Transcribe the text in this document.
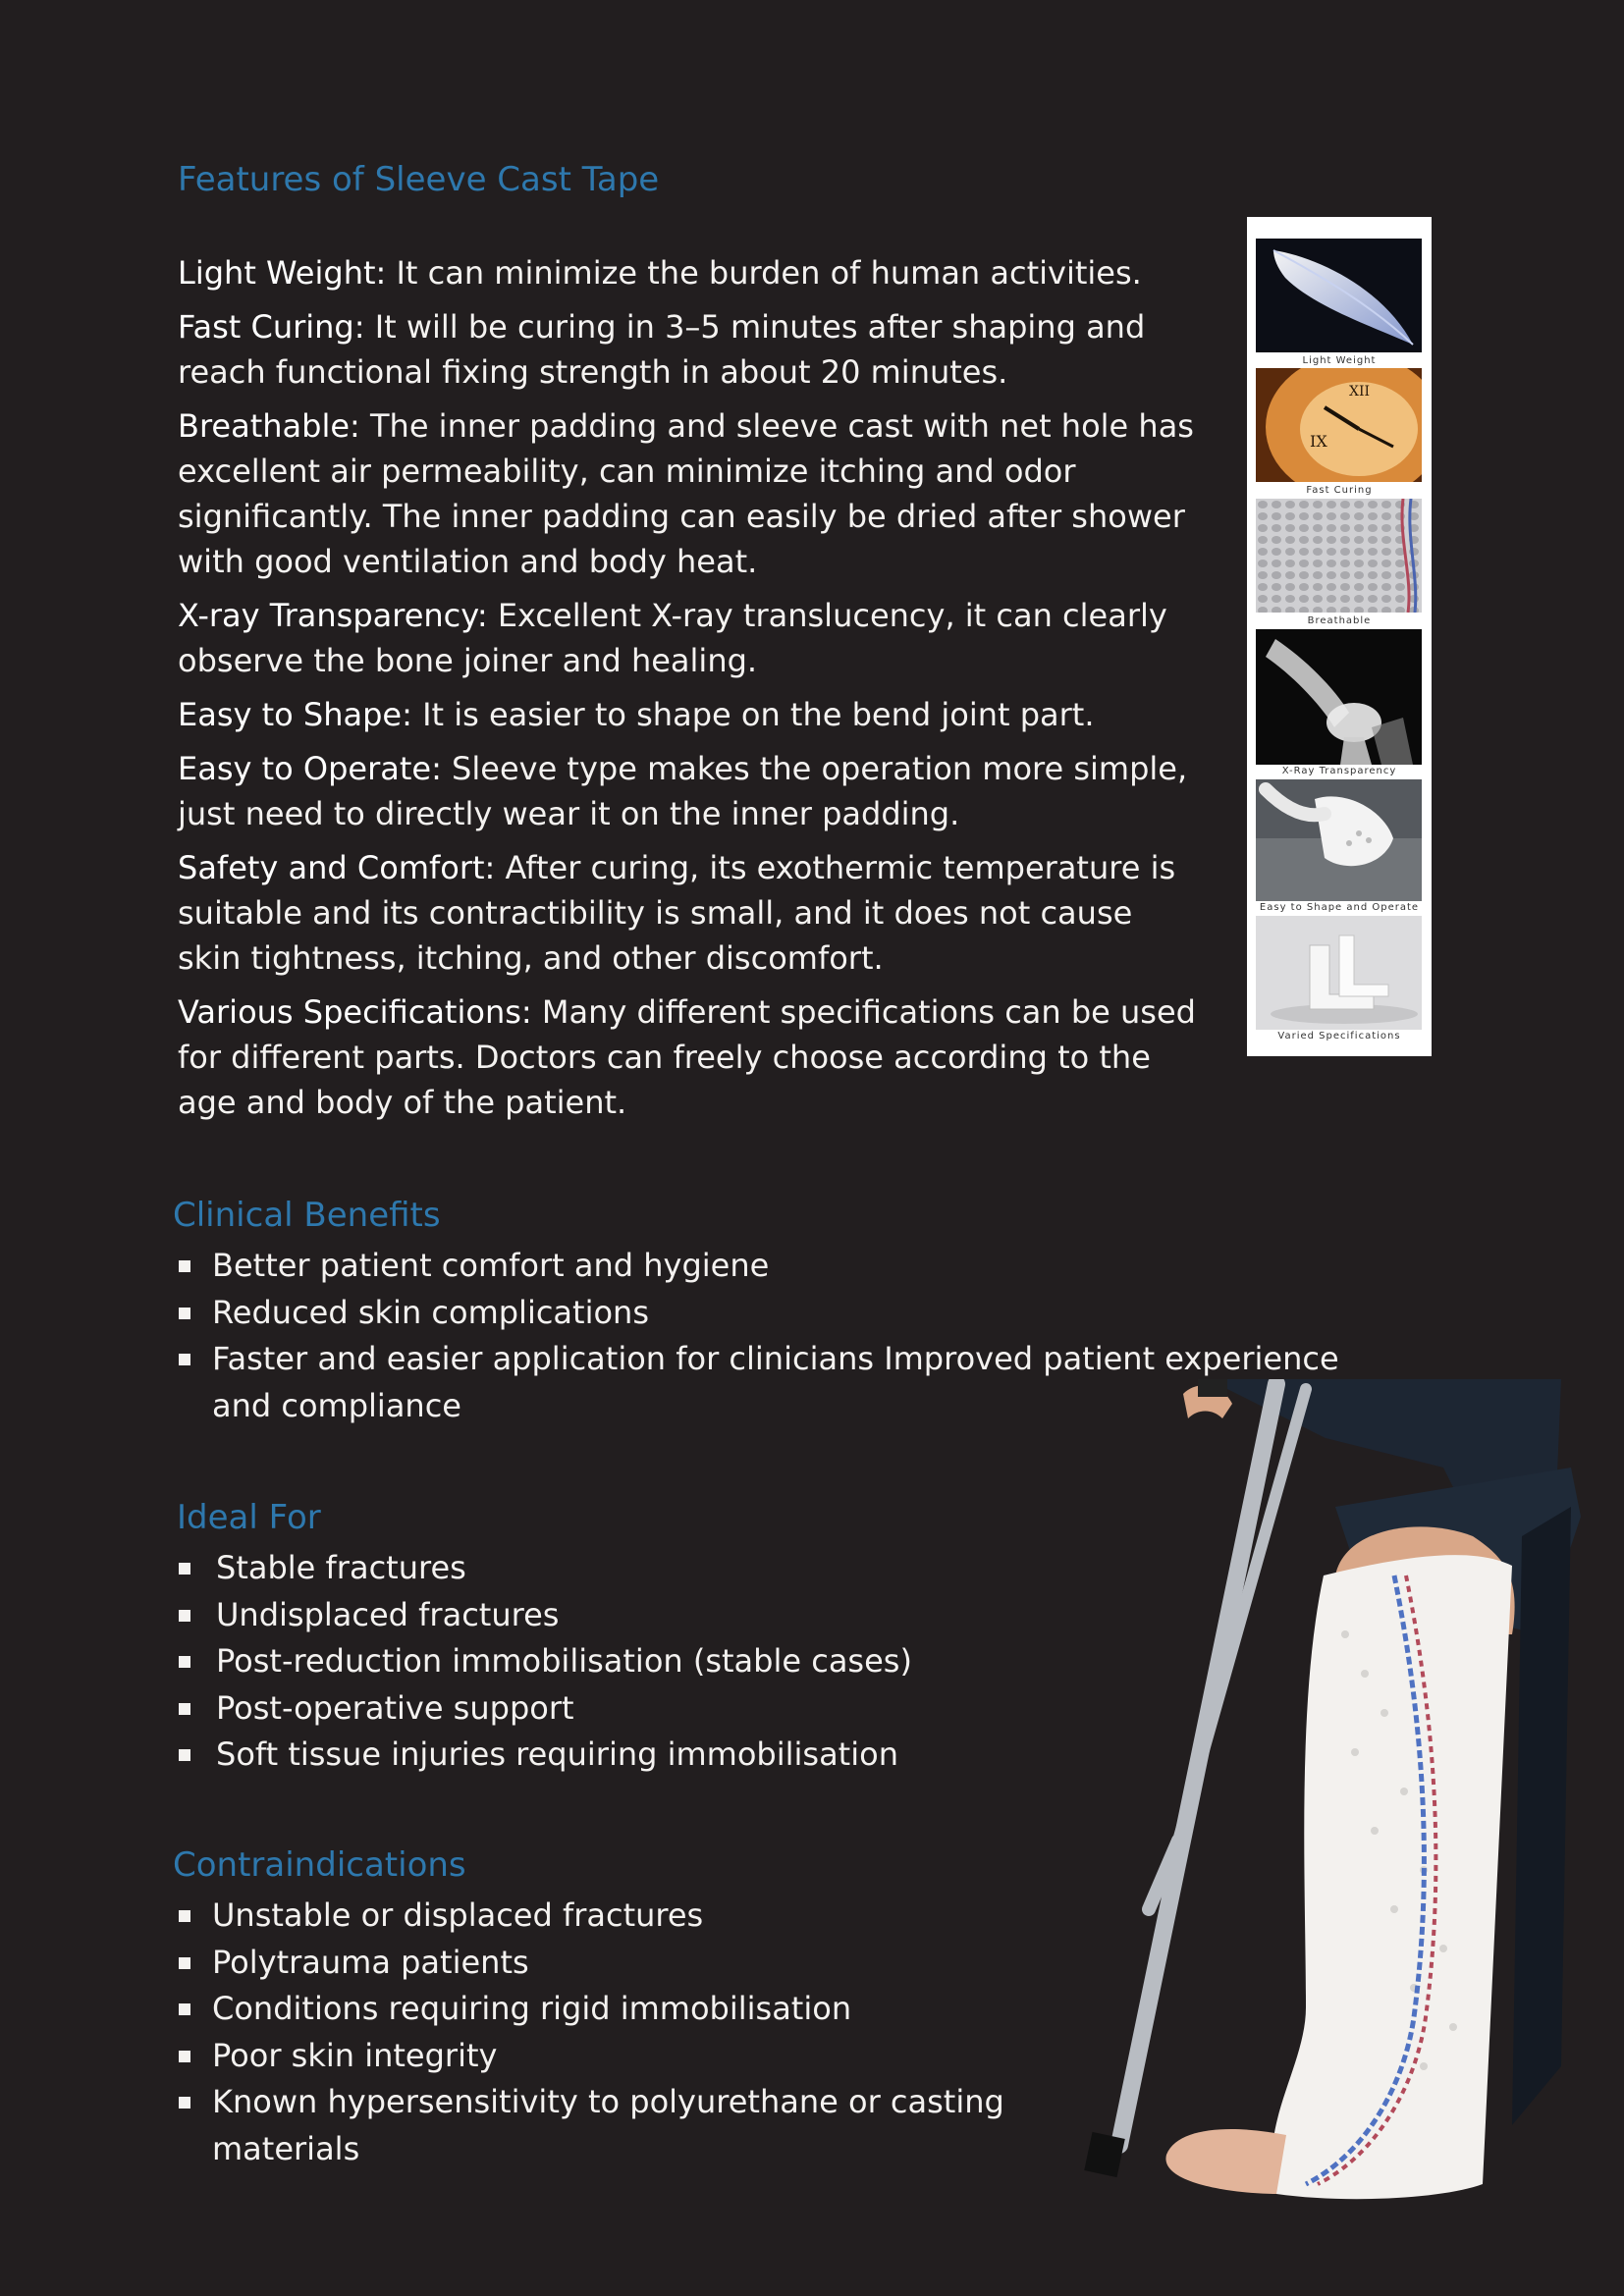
Features of Sleeve Cast Tape

Light Weight: It can minimize the burden of human activities.

Fast Curing: It will be curing in 3–5 minutes after shaping and reach functional fixing strength in about 20 minutes.

Breathable: The inner padding and sleeve cast with net hole has excellent air permeability, can minimize itching and odor significantly. The inner padding can easily be dried after shower with good ventilation and body heat.

X-ray Transparency: Excellent X-ray translucency, it can clearly observe the bone joiner and healing.

Easy to Shape: It is easier to shape on the bend joint part.

Easy to Operate: Sleeve type makes the operation more simple, just need to directly wear it on the inner padding.

Safety and Comfort: After curing, its exothermic temperature is suitable and its contractibility is small, and it does not cause skin tightness, itching, and other discomfort.

Various Specifications: Many different specifications can be used for different parts. Doctors can freely choose according to the age and body of the patient.

Light Weight
IX
XII
Fast Curing
Breathable
X-Ray Transparency
Easy to Shape and Operate
Varied Specifications
Clinical Benefits
Better patient comfort and hygiene
Reduced skin complications
Faster and easier application for clinicians Improved patient experience and compliance
Ideal For
Stable fractures
Undisplaced fractures
Post-reduction immobilisation (stable cases)
Post-operative support
Soft tissue injuries requiring immobilisation
Contraindications
Unstable or displaced fractures
Polytrauma patients
Conditions requiring rigid immobilisation
Poor skin integrity
Known hypersensitivity to polyurethane or casting materials
